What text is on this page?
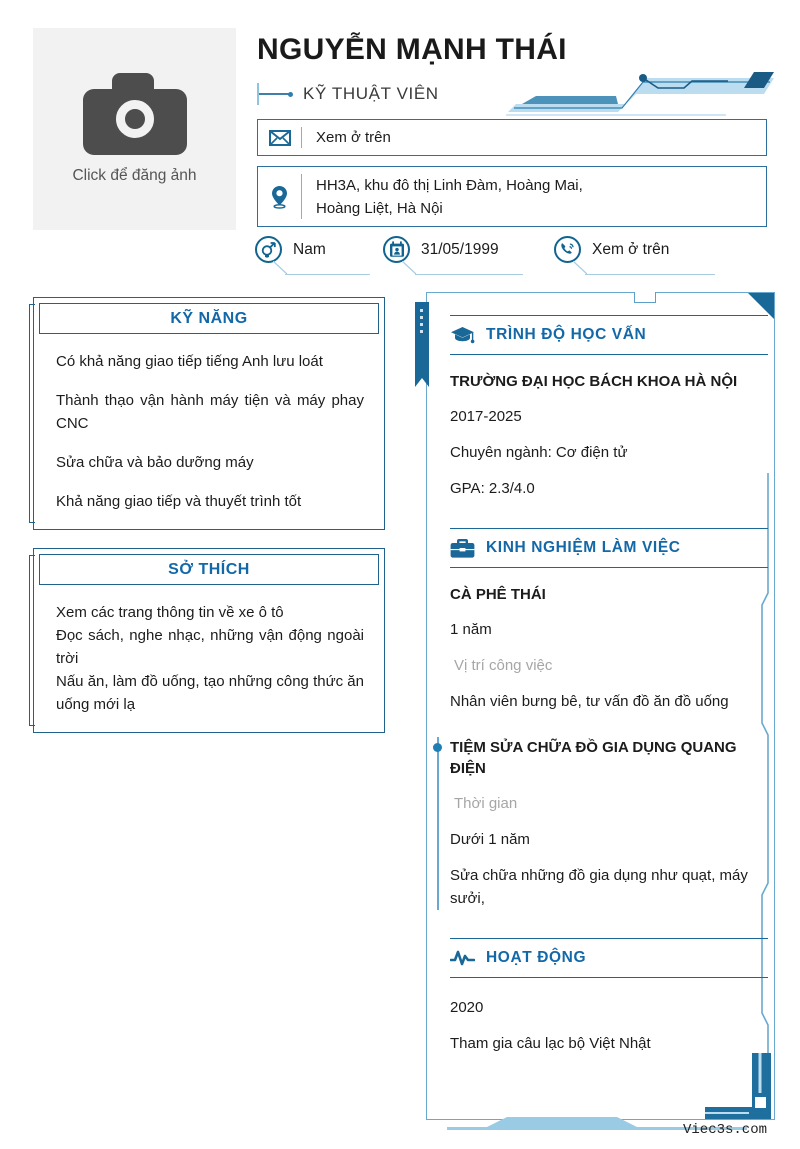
Click để đăng ảnh
NGUYỄN MẠNH THÁI
KỸ THUẬT VIÊN
Xem ở trên
HH3A, khu đô thị Linh Đàm, Hoàng Mai,
Hoàng Liệt, Hà Nội
Nam	31/05/1999	Xem ở trên
KỸ NĂNG
Có khả năng giao tiếp tiếng Anh lưu loát
Thành thạo vận hành máy tiện và máy phay CNC
Sửa chữa và bảo dưỡng máy
Khả năng giao tiếp và thuyết trình tốt
SỞ THÍCH
Xem các trang thông tin về xe ô tô
Đọc sách, nghe nhạc, những vận động ngoài trời
Nấu ăn, làm đồ uống, tạo những công thức ăn uống mới lạ
TRÌNH ĐỘ HỌC VẤN
TRƯỜNG ĐẠI HỌC BÁCH KHOA HÀ NỘI
2017-2025
Chuyên ngành: Cơ điện tử
GPA: 2.3/4.0
KINH NGHIỆM LÀM VIỆC
CÀ PHÊ THÁI
1 năm
Vị trí công việc
Nhân viên bưng bê, tư vấn đồ ăn đồ uống
TIỆM SỬA CHỮA ĐỒ GIA DỤNG QUANG ĐIỆN
Thời gian
Dưới 1 năm
Sửa chữa những đồ gia dụng như quạt, máy sưởi,
HOẠT ĐỘNG
2020
Tham gia câu lạc bộ Việt Nhật
Viec3s.com
